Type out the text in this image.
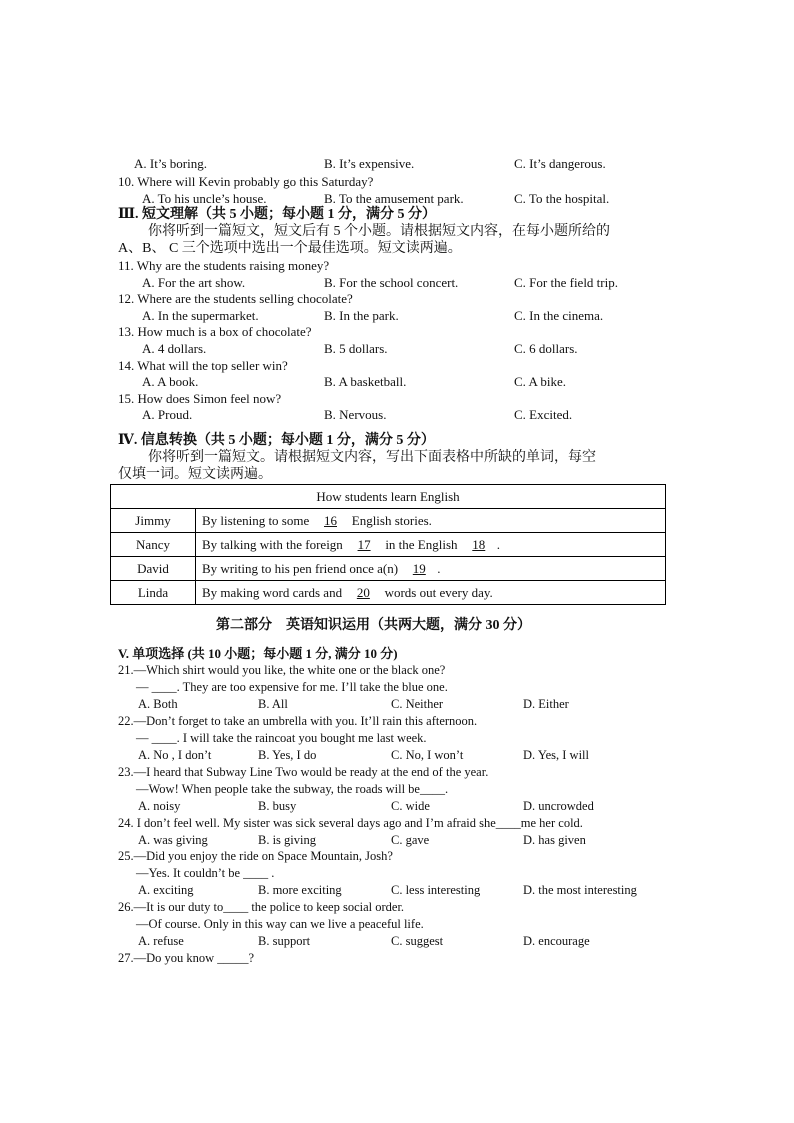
A. It’s boring.	B. It’s expensive.	C. It’s dangerous.
10. Where will Kevin probably go this Saturday?
A. To his uncle’s house.	B. To the amusement park.	C. To the hospital.
Ⅲ. 短文理解（共 5 小题；每小题 1 分，满分 5 分）
你将听到一篇短文，短文后有 5 个小题。请根据短文内容，在每小题所给的
A、B、 C 三个选项中选出一个最佳选项。短文读两遍。
11. Why are the students raising money?
A. For the art show.	B. For the school concert.	C. For the field trip.
12. Where are the students selling chocolate?
A. In the supermarket.	B. In the park.	C. In the cinema.
13. How much is a box of chocolate?
A. 4 dollars.	B. 5 dollars.	C. 6 dollars.
14. What will the top seller win?
A. A book.	B. A basketball.	C. A bike.
15. How does Simon feel now?
A. Proud.	B. Nervous.	C. Excited.
Ⅳ. 信息转换（共 5 小题；每小题 1 分，满分 5 分）
你将听到一篇短文。请根据短文内容，写出下面表格中所缺的单词，每空
仅填一词。短文读两遍。
How students learn English	
Jimmy	By listening to some 16 English stories.
Nancy	By talking with the foreign 17 in the English 18 .
David	By writing to his pen friend once a(n) 19 .
Linda	By making word cards and 20 words out every day.
第二部分　英语知识运用（共两大题，满分 30 分）
V. 单项选择 (共 10 小题；每小题 1 分, 满分 10 分)
21.—Which shirt would you like, the white one or the black one?
— ____. They are too expensive for me. I’ll take the blue one.
A. Both	B. All	C. Neither	D. Either
22.—Don’t forget to take an umbrella with you. It’ll rain this afternoon.
— ____. I will take the raincoat you bought me last week.
A. No , I don’t	B. Yes, I do	C. No, I won’t	D. Yes, I will
23.—I heard that Subway Line Two would be ready at the end of the year.
—Wow! When people take the subway, the roads will be____.
A. noisy	B. busy	C. wide	D. uncrowded
24. I don’t feel well. My sister was sick several days ago and I’m afraid she____me her cold.
A. was giving	B. is giving	C. gave	D. has given
25.—Did you enjoy the ride on Space Mountain, Josh?
—Yes. It couldn’t be ____ .
A. exciting	B. more exciting	C. less interesting	D. the most interesting
26.—It is our duty to____ the police to keep social order.
—Of course. Only in this way can we live a peaceful life.
A. refuse	B. support	C. suggest	D. encourage
27.—Do you know _____?
